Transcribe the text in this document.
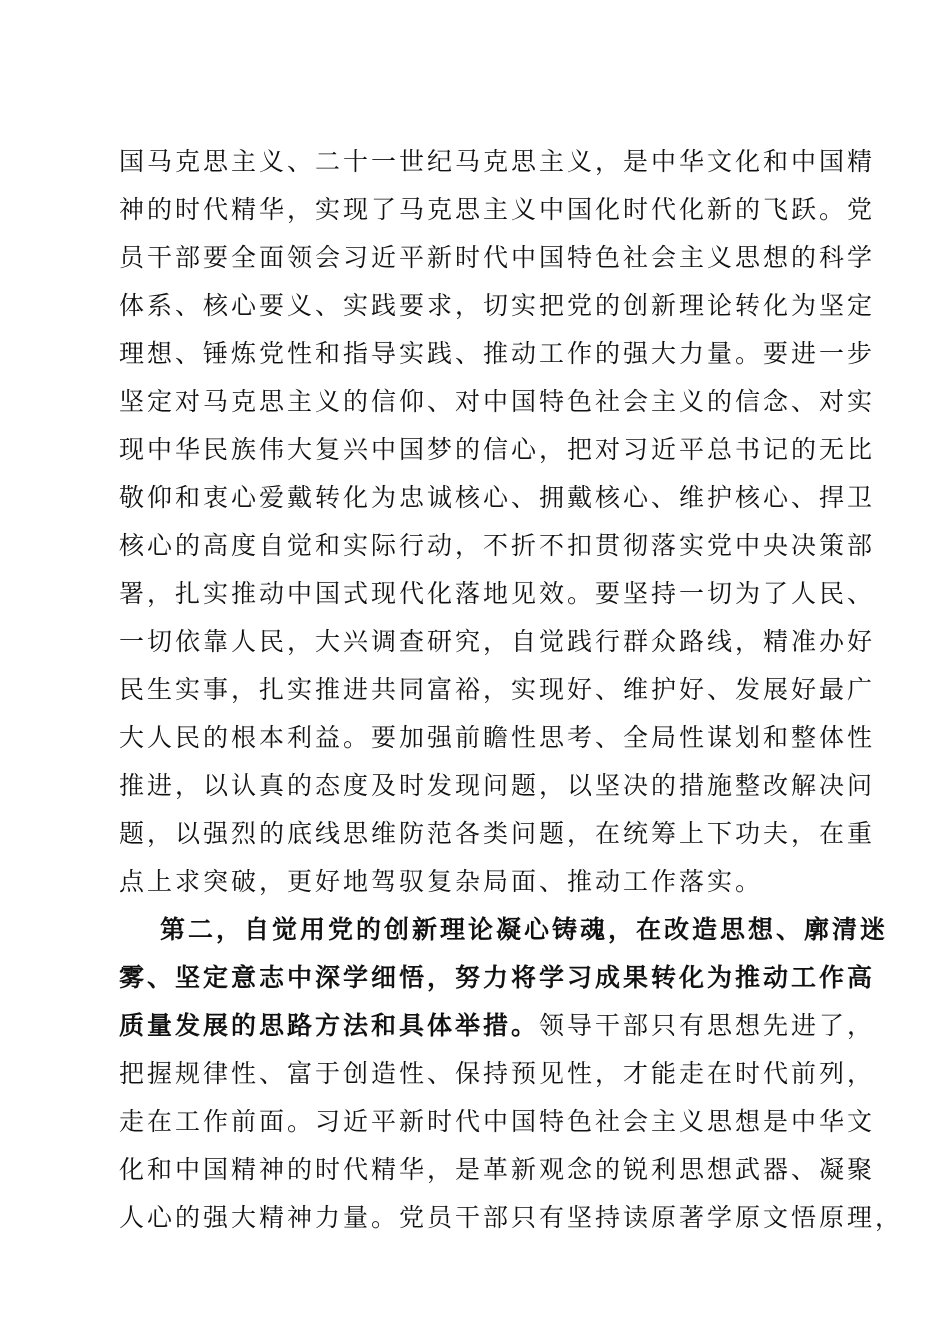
国马克思主义、二十一世纪马克思主义，是中华文化和中国精
神的时代精华，实现了马克思主义中国化时代化新的飞跃。党
员干部要全面领会习近平新时代中国特色社会主义思想的科学
体系、核心要义、实践要求，切实把党的创新理论转化为坚定
理想、锤炼党性和指导实践、推动工作的强大力量。要进一步
坚定对马克思主义的信仰、对中国特色社会主义的信念、对实
现中华民族伟大复兴中国梦的信心，把对习近平总书记的无比
敬仰和衷心爱戴转化为忠诚核心、拥戴核心、维护核心、捍卫
核心的高度自觉和实际行动，不折不扣贯彻落实党中央决策部
署，扎实推动中国式现代化落地见效。要坚持一切为了人民、
一切依靠人民，大兴调查研究，自觉践行群众路线，精准办好
民生实事，扎实推进共同富裕，实现好、维护好、发展好最广
大人民的根本利益。要加强前瞻性思考、全局性谋划和整体性
推进，以认真的态度及时发现问题，以坚决的措施整改解决问
题，以强烈的底线思维防范各类问题，在统筹上下功夫，在重
点上求突破，更好地驾驭复杂局面、推动工作落实。
第二，自觉用党的创新理论凝心铸魂，在改造思想、廓清迷
雾、坚定意志中深学细悟，努力将学习成果转化为推动工作高
质量发展的思路方法和具体举措。领导干部只有思想先进了，
把握规律性、富于创造性、保持预见性，才能走在时代前列，
走在工作前面。习近平新时代中国特色社会主义思想是中华文
化和中国精神的时代精华，是革新观念的锐利思想武器、凝聚
人心的强大精神力量。党员干部只有坚持读原著学原文悟原理，
